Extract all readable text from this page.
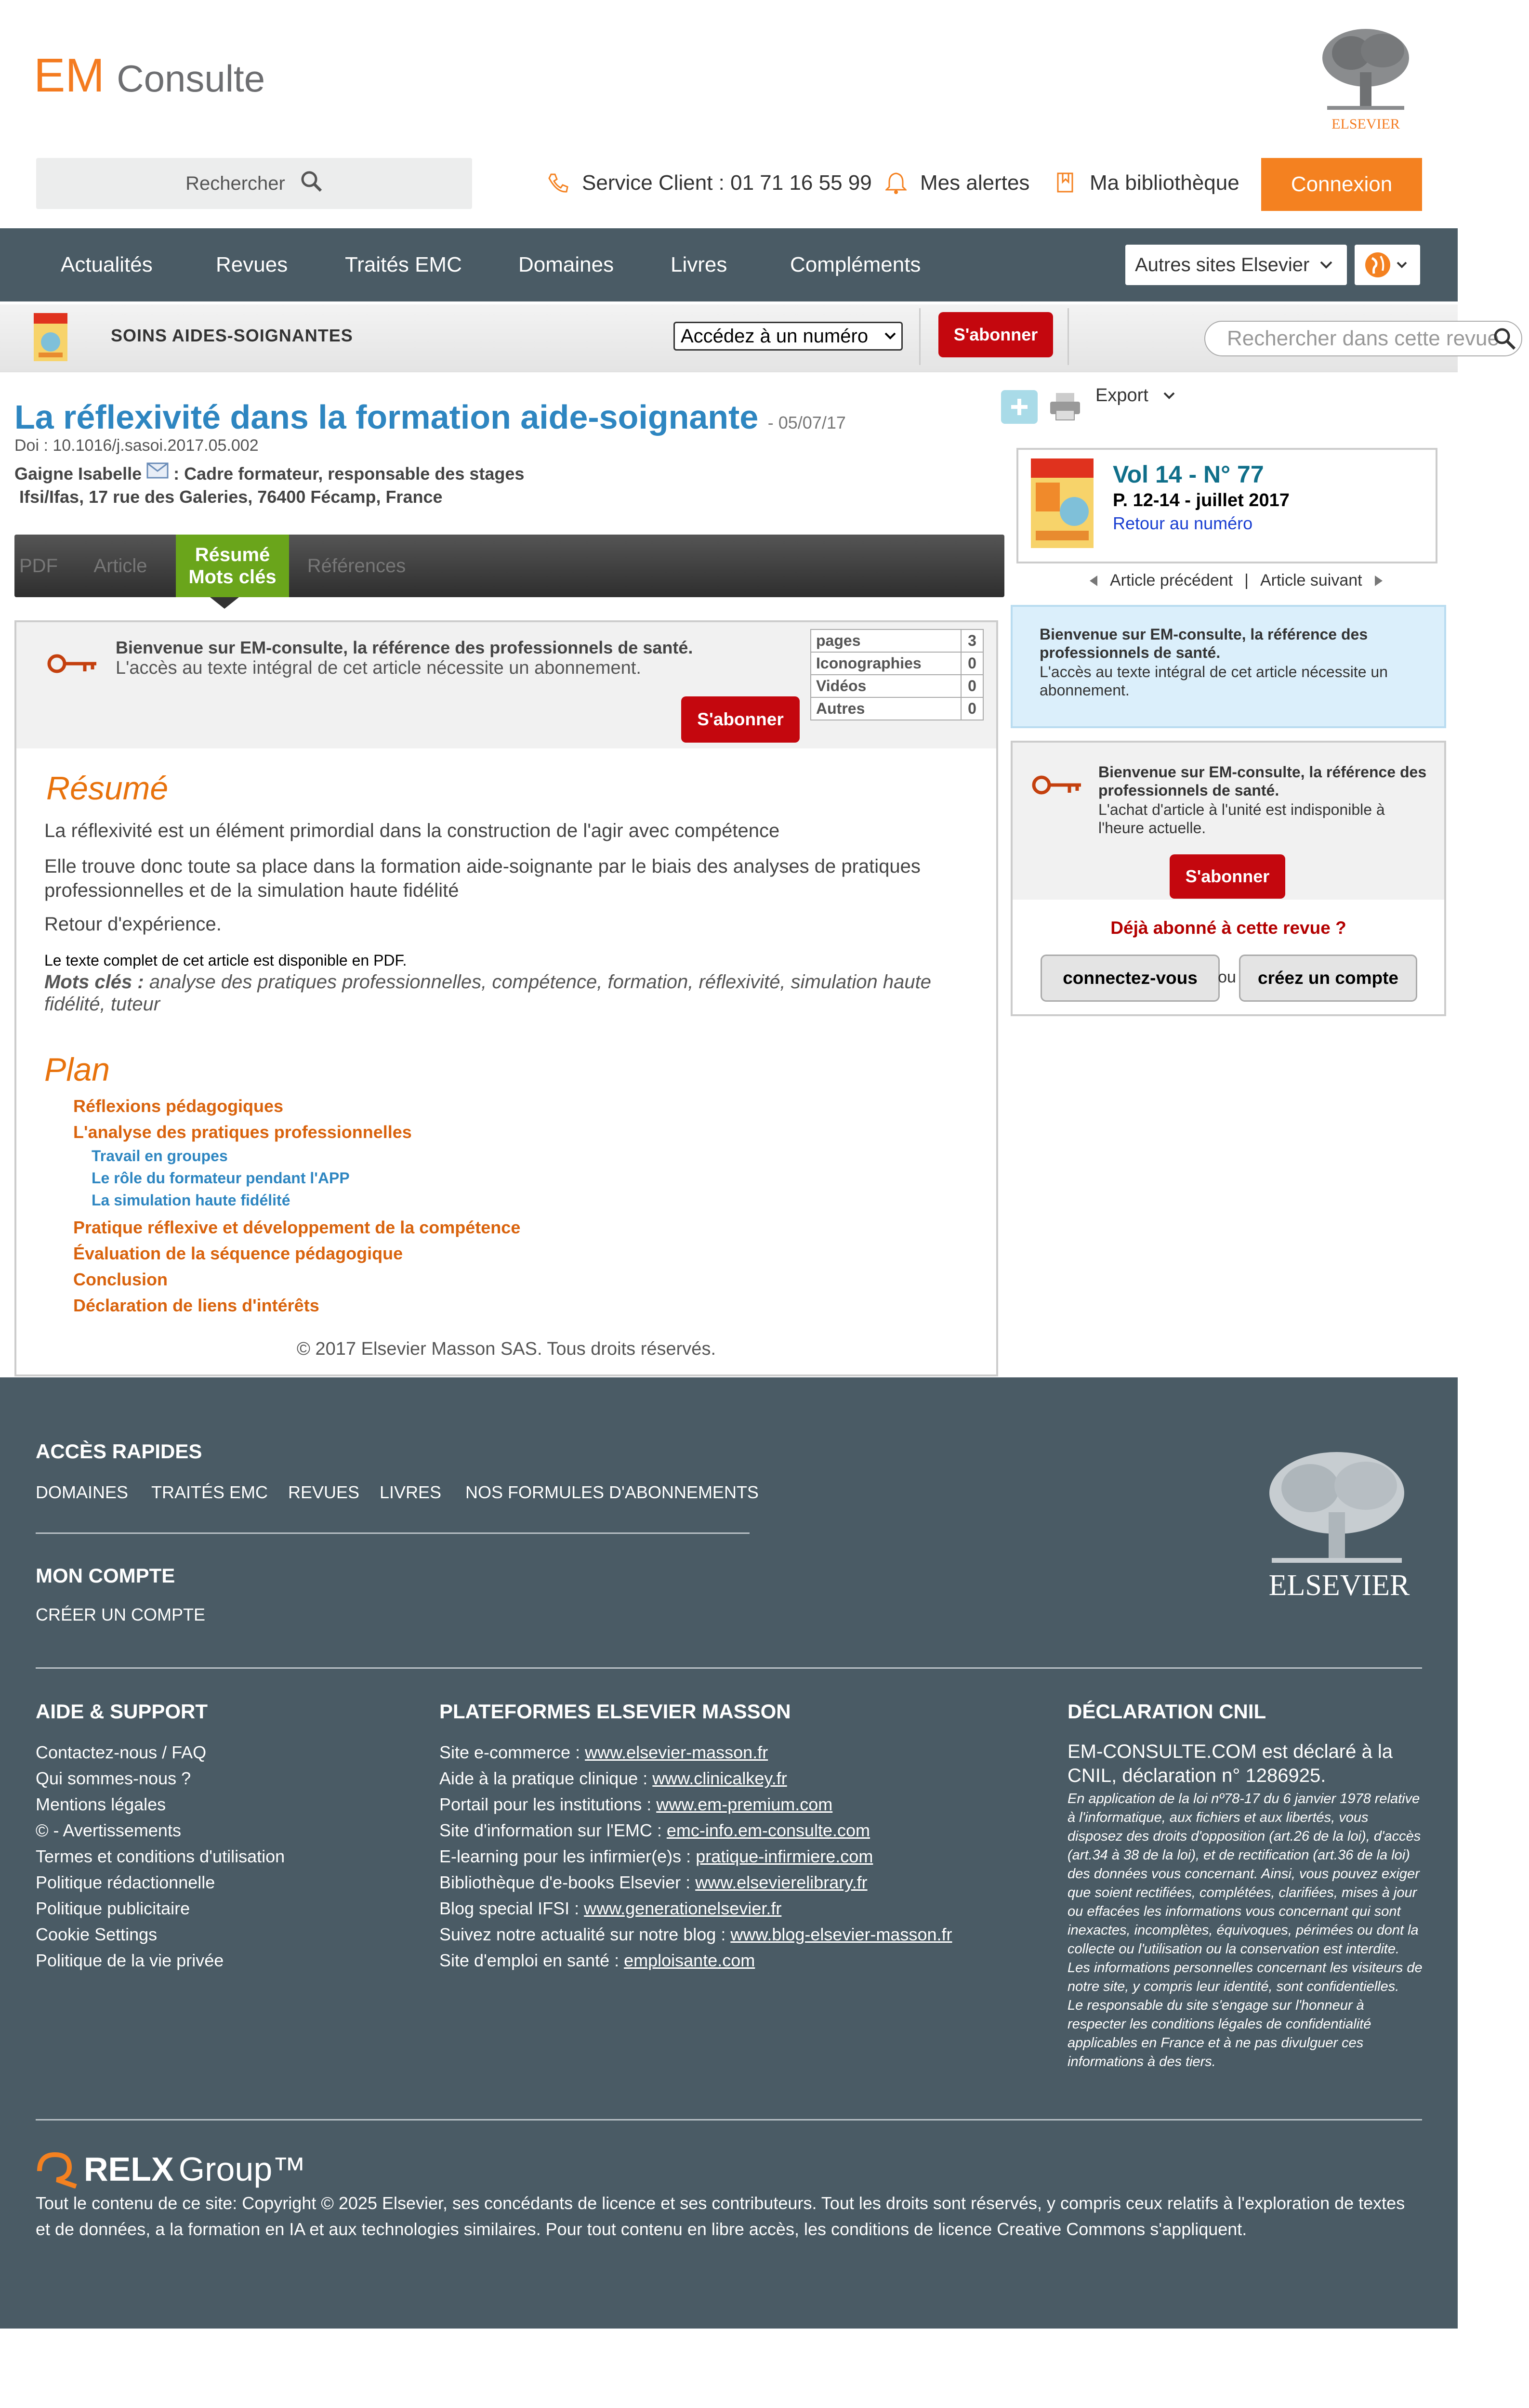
EM Consulte
ELSEVIER
Rechercher	Service Client : 01 71 16 55 99 Mes alertes	Ma bibliothèque	Connexion
Actualités	Revues	Traités EMC	Domaines	Livres	Compléments	Autres sites Elsevier
SOINS AIDES-SOIGNANTES	Accédez à un numéro	S'abonner	Rechercher dans cette revue
La réflexivité dans la formation aide-soignante - 05/07/17
Doi : 10.1016/j.sasoi.2017.05.002
Gaigne Isabelle : Cadre formateur, responsable des stages
Ifsi/Ifas, 17 rue des Galeries, 76400 Fécamp, France
PDF	Article
Résumé
Mots clés
Références
Bienvenue sur EM-consulte, la référence des professionnels de santé.
L'accès au texte intégral de cet article nécessite un abonnement.
S'abonner
pages	3
Iconographies	0
Vidéos	0
Autres	0
Résumé
La réflexivité est un élément primordial dans la construction de l'agir avec compétence
Elle trouve donc toute sa place dans la formation aide-soignante par le biais des analyses de pratiques professionnelles et de la simulation haute fidélité
Retour d'expérience.
Le texte complet de cet article est disponible en PDF.
Mots clés : analyse des pratiques professionnelles, compétence, formation, réflexivité, simulation haute fidélité, tuteur
Plan
Réflexions pédagogiques
L'analyse des pratiques professionnelles
Travail en groupes
Le rôle du formateur pendant l'APP
La simulation haute fidélité
Pratique réflexive et développement de la compétence
Évaluation de la séquence pédagogique
Conclusion
Déclaration de liens d'intérêts
© 2017 Elsevier Masson SAS. Tous droits réservés.
Export
Vol 14 - N° 77
P. 12-14 - juillet 2017
Retour au numéro
Article précédent | Article suivant
Bienvenue sur EM-consulte, la référence des professionnels de santé.
L'accès au texte intégral de cet article nécessite un abonnement.
Bienvenue sur EM-consulte, la référence des professionnels de santé.
L'achat d'article à l'unité est indisponible à l'heure actuelle.
S'abonner
Déjà abonné à cette revue ?
connectez-vous	ou	créez un compte
ACCÈS RAPIDES
DOMAINES TRAITÉS EMC REVUES LIVRES NOS FORMULES D'ABONNEMENTS
MON COMPTE
CRÉER UN COMPTE
ELSEVIER
AIDE & SUPPORT
Contactez-nous / FAQ
Qui sommes-nous ?
Mentions légales
© - Avertissements
Termes et conditions d'utilisation
Politique rédactionnelle
Politique publicitaire
Cookie Settings
Politique de la vie privée
PLATEFORMES ELSEVIER MASSON
Site e-commerce : www.elsevier-masson.fr
Aide à la pratique clinique : www.clinicalkey.fr
Portail pour les institutions : www.em-premium.com
Site d'information sur l'EMC : emc-info.em-consulte.com
E-learning pour les infirmier(e)s : pratique-infirmiere.com
Bibliothèque d'e-books Elsevier : www.elsevierelibrary.fr
Blog special IFSI : www.generationelsevier.fr
Suivez notre actualité sur notre blog : www.blog-elsevier-masson.fr
Site d'emploi en santé : emploisante.com
DÉCLARATION CNIL
EM-CONSULTE.COM est déclaré à la CNIL, déclaration n° 1286925.
En application de la loi nº78-17 du 6 janvier 1978 relative à l'informatique, aux fichiers et aux libertés, vous disposez des droits d'opposition (art.26 de la loi), d'accès (art.34 à 38 de la loi), et de rectification (art.36 de la loi) des données vous concernant. Ainsi, vous pouvez exiger que soient rectifiées, complétées, clarifiées, mises à jour ou effacées les informations vous concernant qui sont inexactes, incomplètes, équivoques, périmées ou dont la collecte ou l'utilisation ou la conservation est interdite.
Les informations personnelles concernant les visiteurs de notre site, y compris leur identité, sont confidentielles.
Le responsable du site s'engage sur l'honneur à respecter les conditions légales de confidentialité applicables en France et à ne pas divulguer ces informations à des tiers.
RELX Group™
Tout le contenu de ce site: Copyright © 2025 Elsevier, ses concédants de licence et ses contributeurs. Tout les droits sont réservés, y compris ceux relatifs à l'exploration de textes et de données, a la formation en IA et aux technologies similaires. Pour tout contenu en libre accès, les conditions de licence Creative Commons s'appliquent.
